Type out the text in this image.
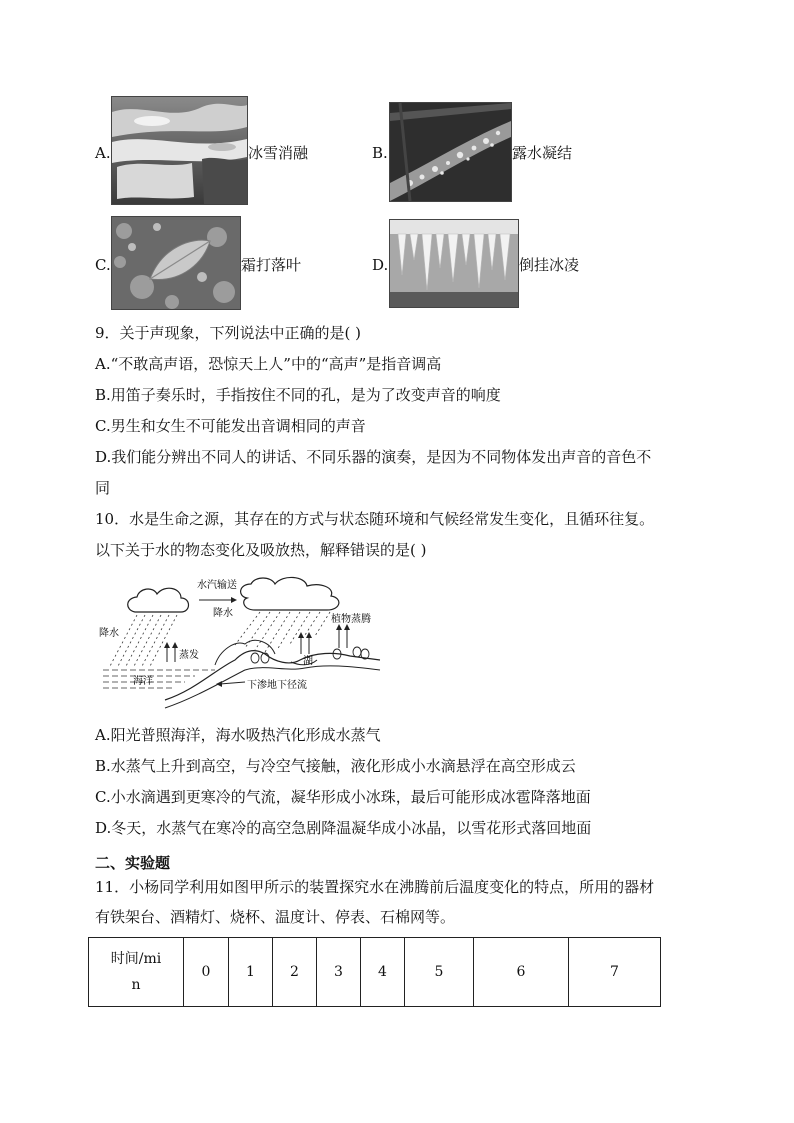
A.	冰雪消融	B.	露水凝结
C.	霜打落叶	D.	倒挂冰凌
9．关于声现象，下列说法中正确的是( )
A.“不敢高声语，恐惊天上人”中的“高声”是指音调高
B.用笛子奏乐时，手指按住不同的孔，是为了改变声音的响度
C.男生和女生不可能发出音调相同的声音
D.我们能分辨出不同人的讲话、不同乐器的演奏，是因为不同物体发出声音的音色不
同
10．水是生命之源，其存在的方式与状态随环境和气候经常发生变化，且循环往复。
以下关于水的物态变化及吸放热，解释错误的是( )
水汽输送
降水
降水
蒸发
湖
植物蒸腾
海洋	下渗地下径流
A.阳光普照海洋，海水吸热汽化形成水蒸气
B.水蒸气上升到高空，与冷空气接触，液化形成小水滴悬浮在高空形成云
C.小水滴遇到更寒冷的气流，凝华形成小冰珠，最后可能形成冰雹降落地面
D.冬天，水蒸气在寒冷的高空急剧降温凝华成小冰晶，以雪花形式落回地面
二、实验题
11．小杨同学利用如图甲所示的装置探究水在沸腾前后温度变化的特点，所用的器材
有铁架台、酒精灯、烧杯、温度计、停表、石棉网等。
时间/mi
n	0	1	2	3	4	5	6	7
